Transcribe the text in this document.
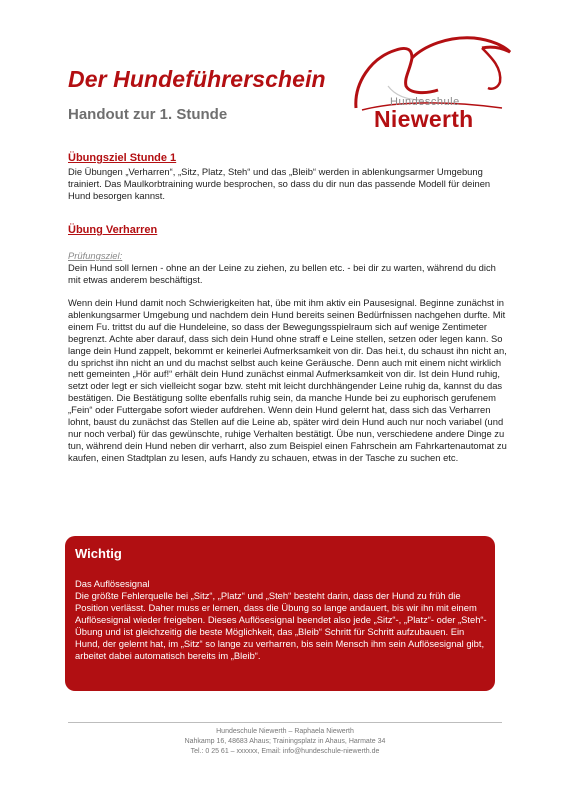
Der Hundeführerschein
Handout zur 1. Stunde
Hundeschule
Niewerth
Übungsziel Stunde 1
Die Übungen „Verharren“, „Sitz, Platz, Steh“ und das „Bleib“ werden in ablenkungsarmer Umgebung trainiert. Das Maulkorbtraining wurde besprochen, so dass du dir nun das passende Modell für deinen Hund besorgen kannst.
Übung Verharren
Prüfungsziel:
Dein Hund soll lernen - ohne an der Leine zu ziehen, zu bellen etc. - bei dir zu warten, während du dich mit etwas anderem beschäftigst.
Wenn dein Hund damit noch Schwierigkeiten hat, übe mit ihm aktiv ein Pausesignal. Beginne zunächst in ablenkungsarmer Umgebung und nachdem dein Hund bereits seinen Bedürfnissen nachgehen durfte. Mit einem Fu. trittst du auf die Hundeleine, so dass der Bewegungsspielraum sich auf wenige Zentimeter begrenzt. Achte aber darauf, dass sich dein Hund ohne straff e Leine stellen, setzen oder legen kann. So lange dein Hund zappelt, bekommt er keinerlei Aufmerksamkeit von dir. Das hei.t, du schaust ihn nicht an, du sprichst ihn nicht an und du machst selbst auch keine Geräusche. Denn auch mit einem nicht wirklich nett gemeinten „Hör auf!“ erhält dein Hund zunächst einmal Aufmerksamkeit von dir. Ist dein Hund ruhig, setzt oder legt er sich vielleicht sogar bzw. steht mit leicht durchhängender Leine ruhig da, kannst du das bestätigen. Die Bestätigung sollte ebenfalls ruhig sein, da manche Hunde bei zu euphorisch gerufenem „Fein“ oder Futtergabe sofort wieder aufdrehen. Wenn dein Hund gelernt hat, dass sich das Verharren lohnt, baust du zunächst das Stellen auf die Leine ab, später wird dein Hund auch nur noch variabel (und nur noch verbal) für das gewünschte, ruhige Verhalten bestätigt. Übe nun, verschiedene andere Dinge zu tun, während dein Hund neben dir verharrt, also zum Beispiel einen Fahrschein am Fahrkartenautomat zu kaufen, einen Stadtplan zu lesen, aufs Handy zu schauen, etwas in der Tasche zu suchen etc.
Wichtig
Das Auflösesignal
Die größte Fehlerquelle bei „Sitz“, „Platz“ und „Steh“ besteht darin, dass der Hund zu früh die Position verlässt. Daher muss er lernen, dass die Übung so lange andauert, bis wir ihn mit einem Auflösesignal wieder freigeben. Dieses Auflösesignal beendet also jede „Sitz“-, „Platz“- oder „Steh“-Übung und ist gleichzeitig die beste Möglichkeit, das „Bleib“ Schritt für Schritt aufzubauen. Ein Hund, der gelernt hat, im „Sitz“ so lange zu verharren, bis sein Mensch ihm sein Auflösesignal gibt, arbeitet dabei automatisch bereits im „Bleib“.
Hundeschule Niewerth – Raphaela Niewerth
Nahkamp 16, 48683 Ahaus; Trainingsplatz in Ahaus, Harmate 34
Tel.: 0 25 61 – xxxxxx, Email: info@hundeschule-niewerth.de
